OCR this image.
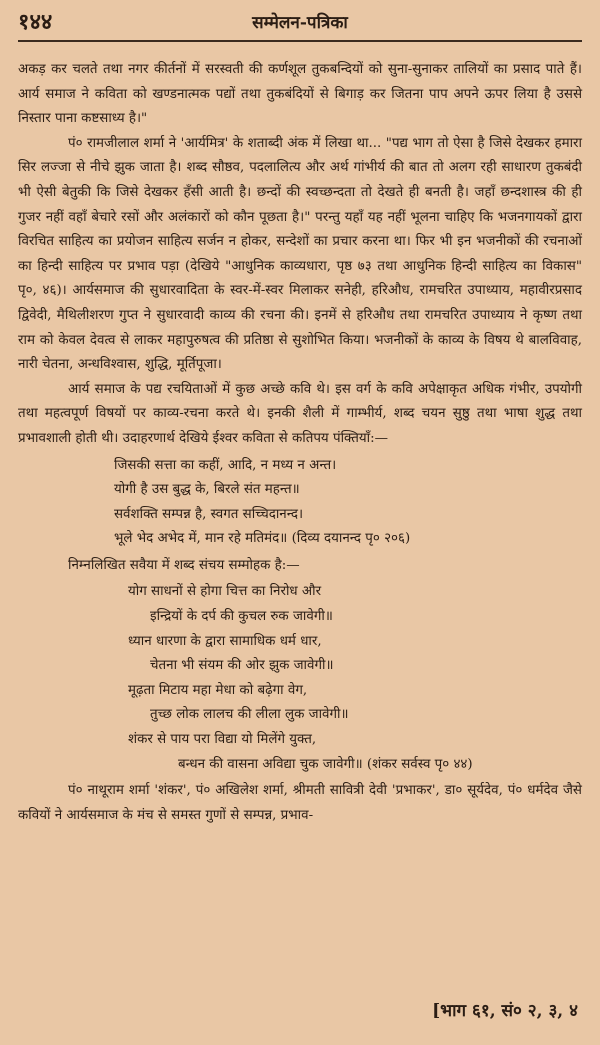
१४४	सम्मेलन-पत्रिका

अकड़ कर चलते तथा नगर कीर्तनों में सरस्वती की कर्णशूल तुकबन्दियों को सुना-सुनाकर तालियों का प्रसाद पाते हैं। आर्य समाज ने कविता को खण्डनात्मक पद्यों तथा तुकबंदियों से बिगाड़ कर जितना पाप अपने ऊपर लिया है उससे निस्तार पाना कष्टसाध्य है।"

पं० रामजीलाल शर्मा ने 'आर्यमित्र' के शताब्दी अंक में लिखा था... "पद्य भाग तो ऐसा है जिसे देखकर हमारा सिर लज्जा से नीचे झुक जाता है। शब्द सौष्ठव, पदलालित्य और अर्थ गांभीर्य की बात तो अलग रही साधारण तुकबंदी भी ऐसी बेतुकी कि जिसे देखकर हँसी आती है। छन्दों की स्वच्छन्दता तो देखते ही बनती है। जहाँ छन्दशास्त्र की ही गुजर नहीं वहाँ बेचारे रसों और अलंकारों को कौन पूछता है।" परन्तु यहाँ यह नहीं भूलना चाहिए कि भजनगायकों द्वारा विरचित साहित्य का प्रयोजन साहित्य सर्जन न होकर, सन्देशों का प्रचार करना था। फिर भी इन भजनीकों की रचनाओं का हिन्दी साहित्य पर प्रभाव पड़ा (देखिये "आधुनिक काव्यधारा, पृष्ठ ७३ तथा आधुनिक हिन्दी साहित्य का विकास" पृ०, ४६)। आर्यसमाज की सुधारवादिता के स्वर-में-स्वर मिलाकर सनेही, हरिऔध, रामचरित उपाध्याय, महावीरप्रसाद द्विवेदी, मैथिलीशरण गुप्त ने सुधारवादी काव्य की रचना की। इनमें से हरिऔध तथा रामचरित उपाध्याय ने कृष्ण तथा राम को केवल देवत्व से लाकर महापुरुषत्व की प्रतिष्ठा से सुशोभित किया। भजनीकों के काव्य के विषय थे बालविवाह, नारी चेतना, अन्धविश्वास, शुद्धि, मूर्तिपूजा।

आर्य समाज के पद्य रचयिताओं में कुछ अच्छे कवि थे। इस वर्ग के कवि अपेक्षाकृत अधिक गंभीर, उपयोगी तथा महत्वपूर्ण विषयों पर काव्य-रचना करते थे। इनकी शैली में गाम्भीर्य, शब्द चयन सुष्ठु तथा भाषा शुद्ध तथा प्रभावशाली होती थी। उदाहरणार्थ देखिये ईश्वर कविता से कतिपय पंक्तियाँ:—

जिसकी सत्ता का कहीं, आदि, न मध्य न अन्त।
योगी है उस बुद्ध के, बिरले संत महन्त॥
सर्वशक्ति सम्पन्न है, स्वगत सच्चिदानन्द।
भूले भेद अभेद में, मान रहे मतिमंद॥ (दिव्य दयानन्द पृ० २०६)

निम्नलिखित सवैया में शब्द संचय सम्मोहक है:—

योग साधनों से होगा चित्त का निरोध और
इन्द्रियों के दर्प की कुचल रुक जावेगी॥
ध्यान धारणा के द्वारा सामाधिक धर्म धार,
चेतना भी संयम की ओर झुक जावेगी॥
मूढ़ता मिटाय महा मेधा को बढ़ेगा वेग,
तुच्छ लोक लालच की लीला लुक जावेगी॥
शंकर से पाय परा विद्या यो मिलेंगे युक्त,
बन्धन की वासना अविद्या चुक जावेगी॥ (शंकर सर्वस्व पृ० ४४)

पं० नाथूराम शर्मा 'शंकर', पं० अखिलेश शर्मा, श्रीमती सावित्री देवी 'प्रभाकर', डा० सूर्यदेव, पं० धर्मदेव जैसे कवियों ने आर्यसमाज के मंच से समस्त गुणों से सम्पन्न, प्रभाव-

[भाग ६१, सं० २, ३, ४
